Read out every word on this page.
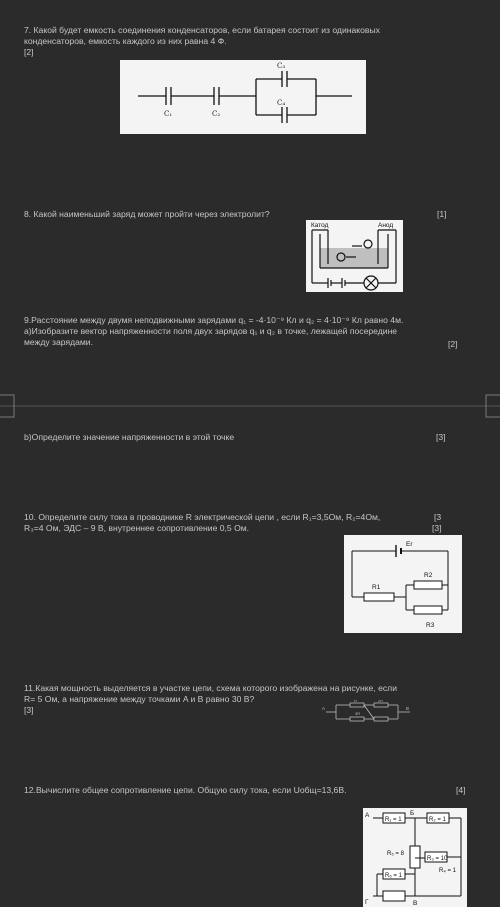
7. Какой будет емкость соединения конденсаторов, если батарея состоит из одинаковых
конденсаторов, емкость каждого из них равна 4 Ф.
[2]
C₁	C₂
C₃
C₄
8. Какой наименьший заряд может пройти через электролит?	[1]
Катод	Анод
9.Расстояние между двумя неподвижными зарядами q₁ = -4·10⁻⁹ Кл и q₂ = 4·10⁻⁹ Кл равно 4м.
а)Изобразите вектор напряженности поля двух зарядов q₁ и q₂ в точке, лежащей посередине
между зарядами.	[2]
b)Определите значение напряженности в этой точке	[3]
10. Определите силу тока в проводнике R электрической цепи , если R₁=3,5Ом, R₂=4Ом,	[3
R₃=4 Ом, ЭДС – 9 В, внутреннее сопротивление 0,5 Ом.	[3]
Er
R1
R2
R3
11.Какая мощность выделяется в участке цепи, схема которого изображена на рисунке, если
R= 5 Ом, а напряжение между точками A и B равно 30 В?
[3]	A	B
R	2R
3R
12.Вычислите общее сопротивление цепи. Общую силу тока, если Uобщ=13,6В.	[4]
А	Б
Г	В
R₁ = 1	R₂ = 1
R₃ = 10
R₄ = 1
R₅ = 8
R₆ = 1
